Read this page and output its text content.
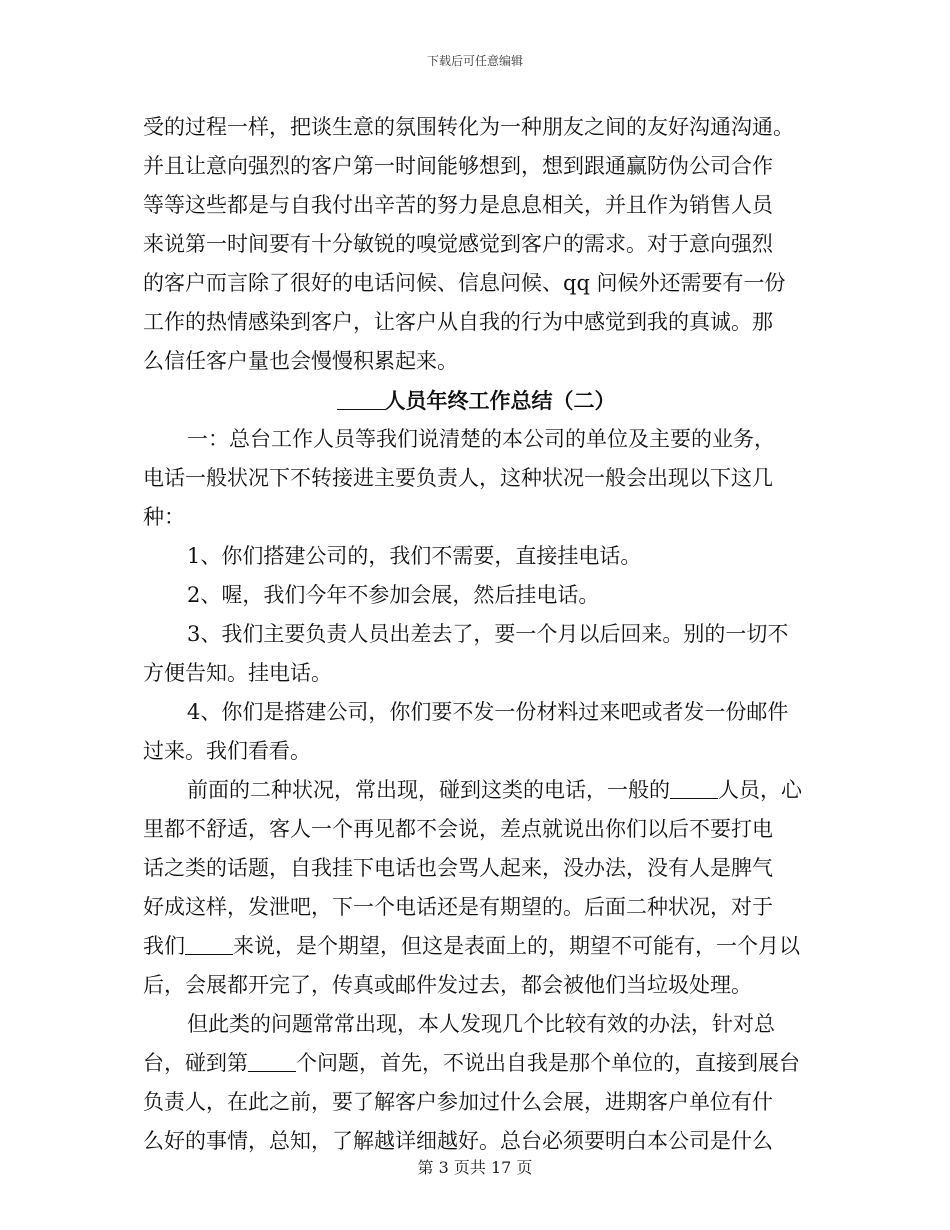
下载后可任意编辑
受的过程一样，把谈生意的氛围转化为一种朋友之间的友好沟通沟通。
并且让意向强烈的客户第一时间能够想到，想到跟通赢防伪公司合作
等等这些都是与自我付出辛苦的努力是息息相关，并且作为销售人员
来说第一时间要有十分敏锐的嗅觉感觉到客户的需求。对于意向强烈
的客户而言除了很好的电话问候、信息问候、qq 问候外还需要有一份
工作的热情感染到客户，让客户从自我的行为中感觉到我的真诚。那
么信任客户量也会慢慢积累起来。
人员年终工作总结（二）
一：总台工作人员等我们说清楚的本公司的单位及主要的业务，
电话一般状况下不转接进主要负责人，这种状况一般会出现以下这几
种：
1、你们搭建公司的，我们不需要，直接挂电话。
2、喔，我们今年不参加会展，然后挂电话。
3、我们主要负责人员出差去了，要一个月以后回来。别的一切不
方便告知。挂电话。
4、你们是搭建公司，你们要不发一份材料过来吧或者发一份邮件
过来。我们看看。
前面的二种状况，常出现，碰到这类的电话，一般的 人员，心
里都不舒适，客人一个再见都不会说，差点就说出你们以后不要打电
话之类的话题，自我挂下电话也会骂人起来，没办法，没有人是脾气
好成这样，发泄吧，下一个电话还是有期望的。后面二种状况，对于
我们 来说，是个期望，但这是表面上的，期望不可能有，一个月以
后，会展都开完了，传真或邮件发过去，都会被他们当垃圾处理。
但此类的问题常常出现，本人发现几个比较有效的办法，针对总
台，碰到第 个问题，首先，不说出自我是那个单位的，直接到展台
负责人，在此之前，要了解客户参加过什么会展，进期客户单位有什
么好的事情，总知，了解越详细越好。总台必须要明白本公司是什么
第 3 页共 17 页
